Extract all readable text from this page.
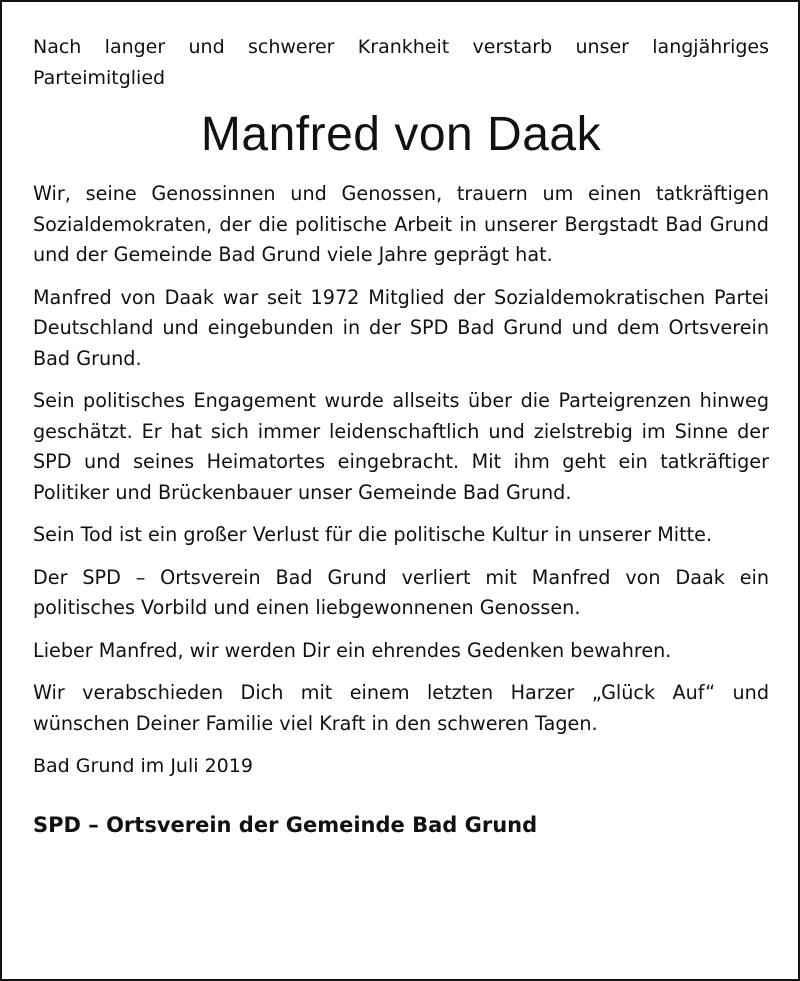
Nach langer und schwerer Krankheit verstarb unser langjähriges Parteimitglied

Manfred von Daak

Wir, seine Genossinnen und Genossen, trauern um einen tatkräftigen Sozialdemokraten, der die politische Arbeit in unserer Bergstadt Bad Grund und der Gemeinde Bad Grund viele Jahre geprägt hat.

Manfred von Daak war seit 1972 Mitglied der Sozialdemokratischen Partei Deutschland und eingebunden in der SPD Bad Grund und dem Ortsverein Bad Grund.

Sein politisches Engagement wurde allseits über die Parteigrenzen hinweg geschätzt. Er hat sich immer leidenschaftlich und zielstrebig im Sinne der SPD und seines Heimatortes eingebracht. Mit ihm geht ein tatkräftiger Politiker und Brückenbauer unser Gemeinde Bad Grund.

Sein Tod ist ein großer Verlust für die politische Kultur in unserer Mitte.

Der SPD – Ortsverein Bad Grund verliert mit Manfred von Daak ein politisches Vorbild und einen liebgewonnenen Genossen.

Lieber Manfred, wir werden Dir ein ehrendes Gedenken bewahren.

Wir verabschieden Dich mit einem letzten Harzer „Glück Auf“ und wünschen Deiner Familie viel Kraft in den schweren Tagen.

Bad Grund im Juli 2019

SPD – Ortsverein der Gemeinde Bad Grund
